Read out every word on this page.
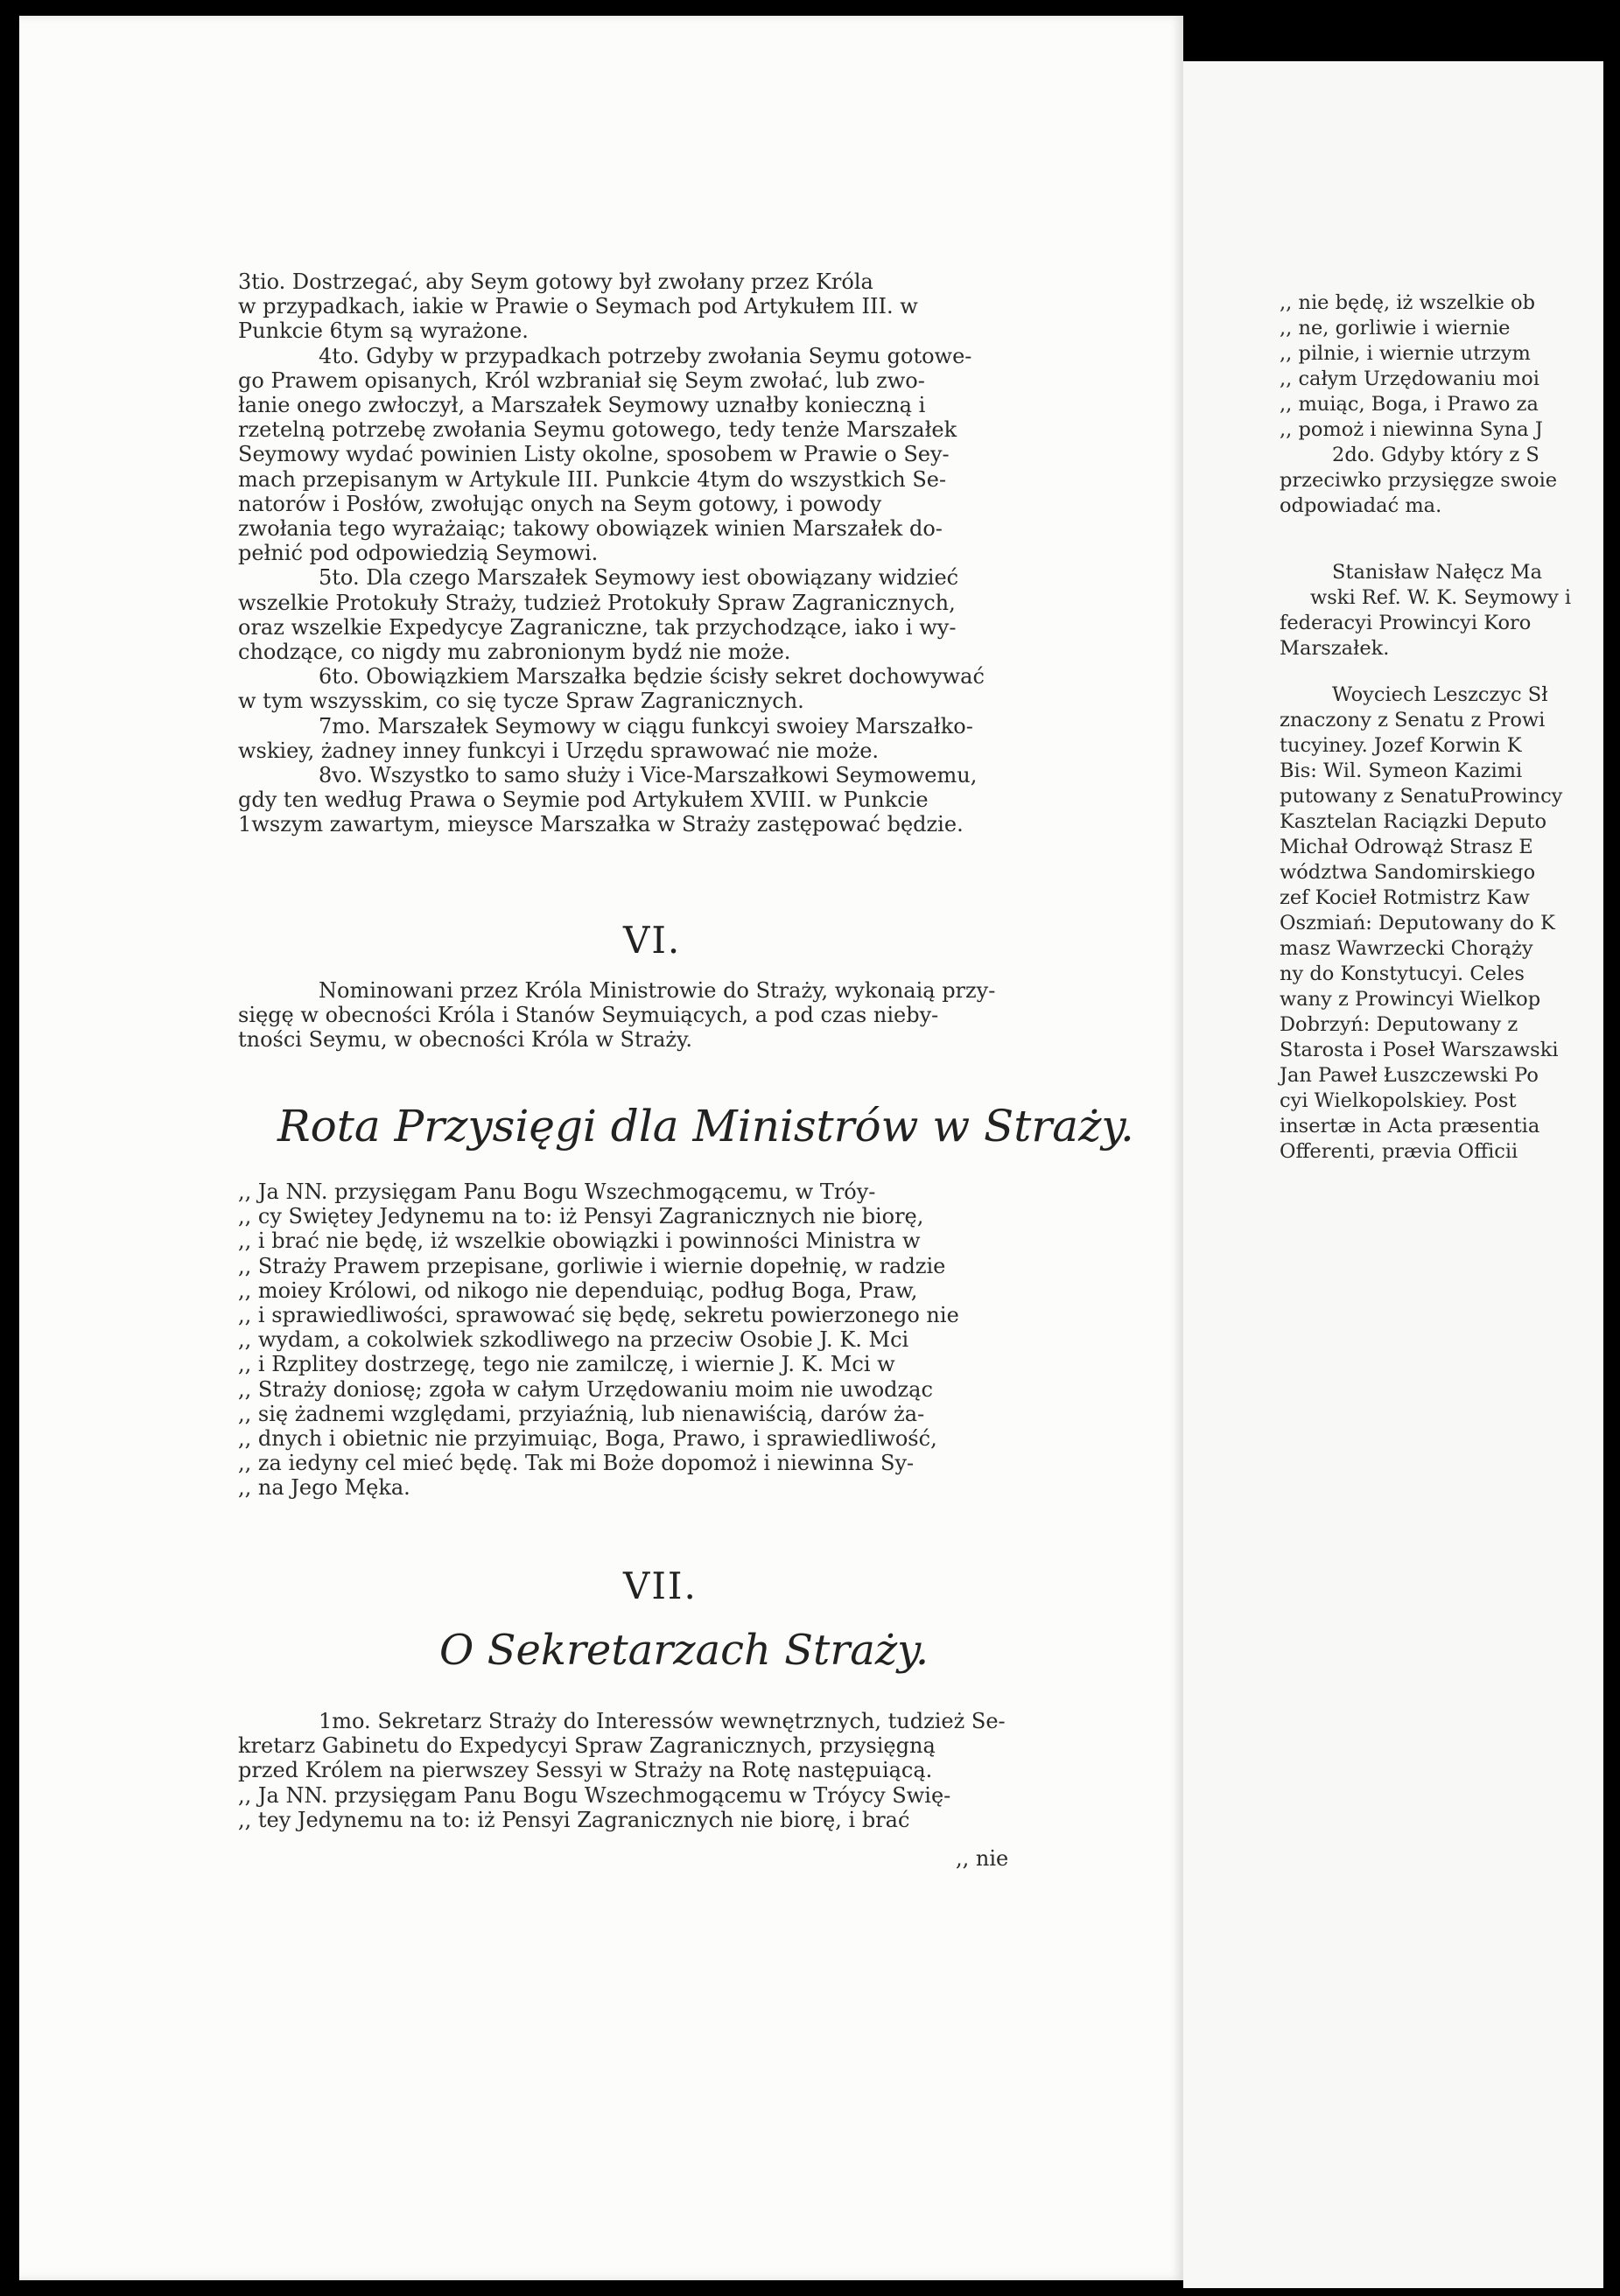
3tio. Dostrzegać, aby Seym gotowy był zwołany przez Króla
w przypadkach, iakie w Prawie o Seymach pod Artykułem III. w
Punkcie 6tym są wyrażone.

4to. Gdyby w przypadkach potrzeby zwołania Seymu gotowe-
go Prawem opisanych, Król wzbraniał się Seym zwołać, lub zwo-
łanie onego zwłoczył, a Marszałek Seymowy uznałby konieczną i
rzetelną potrzebę zwołania Seymu gotowego, tedy tenże Marszałek
Seymowy wydać powinien Listy okolne, sposobem w Prawie o Sey-
mach przepisanym w Artykule III. Punkcie 4tym do wszystkich Se-
natorów i Posłów, zwołując onych na Seym gotowy, i powody
zwołania tego wyrażaiąc; takowy obowiązek winien Marszałek do-
pełnić pod odpowiedzią Seymowi.

5to. Dla czego Marszałek Seymowy iest obowiązany widzieć
wszelkie Protokuły Straży, tudzież Protokuły Spraw Zagranicznych,
oraz wszelkie Expedycye Zagraniczne, tak przychodzące, iako i wy-
chodzące, co nigdy mu zabronionym bydź nie może.

6to. Obowiązkiem Marszałka będzie ścisły sekret dochowywać
w tym wszysskim, co się tycze Spraw Zagranicznych.

7mo. Marszałek Seymowy w ciągu funkcyi swoiey Marszałko-
wskiey, żadney inney funkcyi i Urzędu sprawować nie może.

8vo. Wszystko to samo służy i Vice-Marszałkowi Seymowemu,
gdy ten według Prawa o Seymie pod Artykułem XVIII. w Punkcie
1wszym zawartym, mieysce Marszałka w Straży zastępować będzie.

VI.

Nominowani przez Króla Ministrowie do Straży, wykonaią przy-
sięgę w obecności Króla i Stanów Seymuiących, a pod czas nieby-
tności Seymu, w obecności Króla w Straży.

Rota Przysięgi dla Ministrów w Straży.

,, Ja NN. przysięgam Panu Bogu Wszechmogącemu, w Tróy-
,, cy Swiętey Jedynemu na to: iż Pensyi Zagranicznych nie biorę,
,, i brać nie będę, iż wszelkie obowiązki i powinności Ministra w
,, Straży Prawem przepisane, gorliwie i wiernie dopełnię, w radzie
,, moiey Królowi, od nikogo nie dependuiąc, podług Boga, Praw,
,, i sprawiedliwości, sprawować się będę, sekretu powierzonego nie
,, wydam, a cokolwiek szkodliwego na przeciw Osobie J. K. Mci
,, i Rzplitey dostrzegę, tego nie zamilczę, i wiernie J. K. Mci w
,, Straży doniosę; zgoła w całym Urzędowaniu moim nie uwodząc
,, się żadnemi względami, przyiaźnią, lub nienawiścią, darów ża-
,, dnych i obietnic nie przyimuiąc, Boga, Prawo, i sprawiedliwość,
,, za iedyny cel mieć będę. Tak mi Boże dopomoż i niewinna Sy-
,, na Jego Męka.

VII.
O Sekretarzach Straży.

1mo. Sekretarz Straży do Interessów wewnętrznych, tudzież Se-
kretarz Gabinetu do Expedycyi Spraw Zagranicznych, przysięgną
przed Królem na pierwszey Sessyi w Straży na Rotę następuiącą.
,, Ja NN. przysięgam Panu Bogu Wszechmogącemu w Tróycy Swię-
,, tey Jedynemu na to: iż Pensyi Zagranicznych nie biorę, i brać

,, nie

,, nie będę, iż wszelkie ob

,, ne, gorliwie i wiernie

,, pilnie, i wiernie utrzym

,, całym Urzędowaniu moi

,, muiąc, Boga, i Prawo za

,, pomoż i niewinna Syna J

2do. Gdyby który z S

przeciwko przysięgze swoie

odpowiadać ma.

Stanisław Nałęcz Ma

wski Ref. W. K. Seymowy i

federacyi Prowincyi Koro

Marszałek.

Woyciech Leszczyc Sł

znaczony z Senatu z Prowi

tucyiney. Jozef Korwin K

Bis: Wil. Symeon Kazimi

putowany z SenatuProwincy

Kasztelan Raciązki Deputo

Michał Odrowąż Strasz E

wództwa Sandomirskiego

zef Kocieł Rotmistrz Kaw

Oszmiań: Deputowany do K

masz Wawrzecki Chorąży

ny do Konstytucyi. Celes

wany z Prowincyi Wielkop

Dobrzyń: Deputowany z

Starosta i Poseł Warszawski

Jan Paweł Łuszczewski Po

cyi Wielkopolskiey. Post

insertæ in Acta præsentia

Offerenti, prævia Officii
